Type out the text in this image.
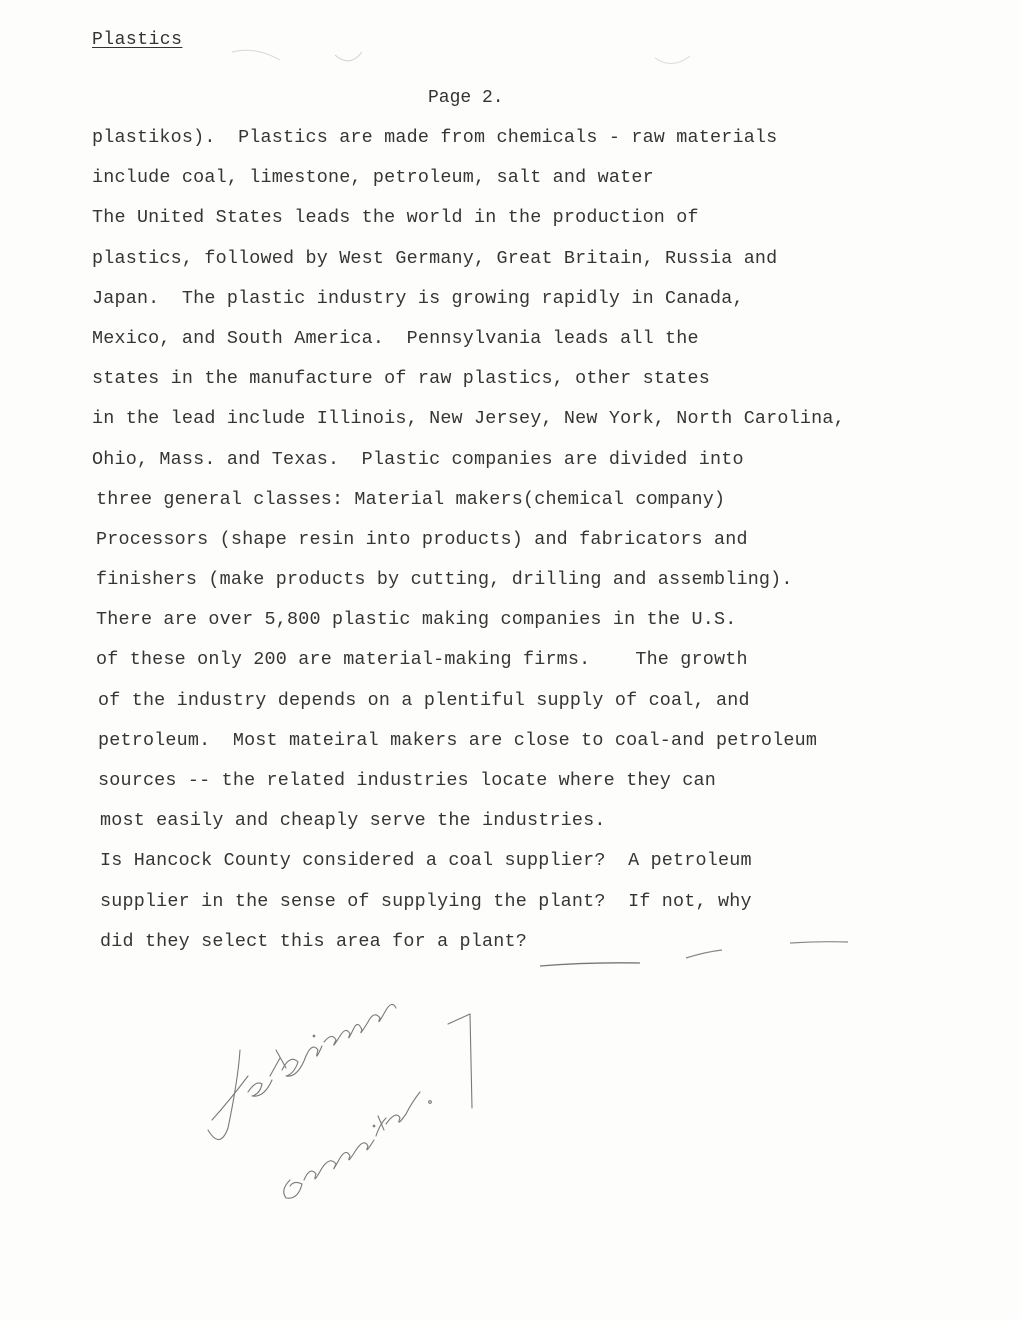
Plastics
Page 2.
plastikos).  Plastics are made from chemicals - raw materials
include coal, limestone, petroleum, salt and water
The United States leads the world in the production of
plastics, followed by West Germany, Great Britain, Russia and
Japan.  The plastic industry is growing rapidly in Canada,
Mexico, and South America.  Pennsylvania leads all the
states in the manufacture of raw plastics, other states
in the lead include Illinois, New Jersey, New York, North Carolina,
Ohio, Mass. and Texas.  Plastic companies are divided into
three general classes: Material makers(chemical company)
Processors (shape resin into products) and fabricators and
finishers (make products by cutting, drilling and assembling).
There are over 5,800 plastic making companies in the U.S.
of these only 200 are material-making firms.    The growth
of the industry depends on a plentiful supply of coal, and
petroleum.  Most mateiral makers are close to coal-and petroleum
sources -- the related industries locate where they can
most easily and cheaply serve the industries.
Is Hancock County considered a coal supplier?  A petroleum
supplier in the sense of supplying the plant?  If not, why
did they select this area for a plant?
